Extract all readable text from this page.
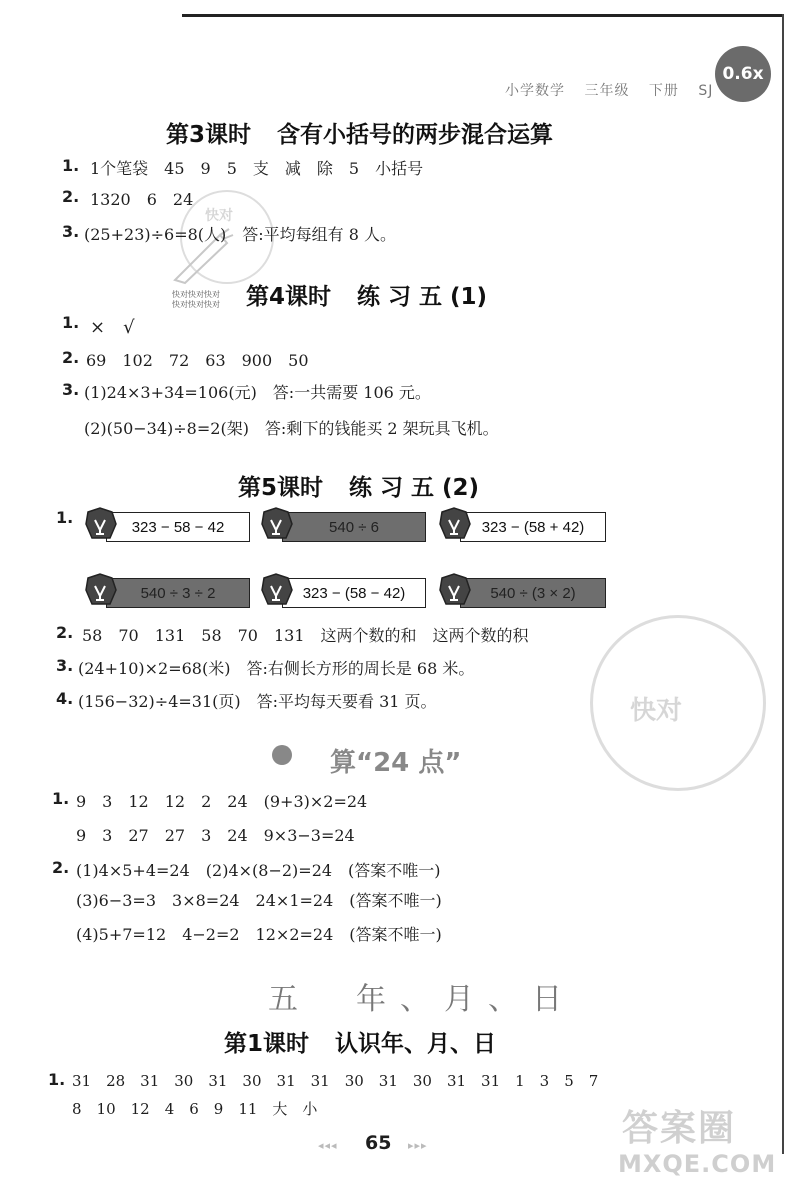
小学数学 三年级 下册 SJ
0.6x
快对
快对快对快对
快对快对快对
第3课时 含有小括号的两步混合运算
1. 1个笔袋　45　9　5　支　减　除　5　小括号
2. 1320　6　24
3. (25+23)÷6=8(人)　答:平均每组有 8 人。
第4课时 练 习 五 (1)
1. ×　√
2. 69　102　72　63　900　50
3. (1)24×3+34=106(元)　答:一共需要 106 元。
(2)(50−34)÷8=2(架)　答:剩下的钱能买 2 架玩具飞机。
第5课时 练 习 五 (2)
1.	323 − 58 − 42	540 ÷ 6	323 − (58 + 42)
540 ÷ 3 ÷ 2	323 − (58 − 42)	540 ÷ (3 × 2)
2. 58　70　131　58　70　131　这两个数的和　这两个数的积
3. (24+10)×2=68(米)　答:右侧长方形的周长是 68 米。
4. (156−32)÷4=31(页)　答:平均每天要看 31 页。	快对
算“24 点”
1. 9　3　12　12　2　24　(9+3)×2=24
9　3　27　27　3　24　9×3−3=24
2. (1)4×5+4=24　(2)4×(8−2)=24　(答案不唯一)
(3)6−3=3　3×8=24　24×1=24　(答案不唯一)
(4)5+7=12　4−2=2　12×2=24　(答案不唯一)
五　年、月、日
第1课时 认识年、月、日
1. 31　28　31　30　31　30　31　31　30　31　30　31　31　1　3　5　7
8　10　12　4　6　9　11　大　小
◂◂◂ 65 ▸▸▸	答案圈
MXQE.COM
